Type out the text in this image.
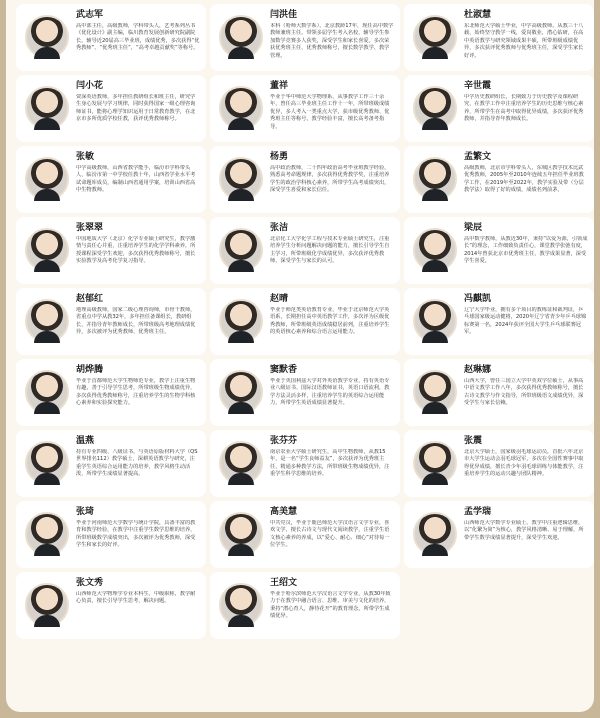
武志军
高中部主任，高级教师，学科带头人，艺考系列丛书《优化设计》副主编，临川教育发展创新研究院副院长。辅导近20届高三毕业班，成绩优秀，多次获得“优秀教师”、“优秀班主任”，“高考卓越贡献奖”等称号。
闫洪佳
本科（哈师大数学系），北京教龄17年，现任高中数学教师兼班主任。带领多届学生考入名校，辅导学生参加数学竞赛多人获奖，深受学生和家长喜爱。多次荣获优秀班主任、优秀教师称号，擅长数学教学、教学管理。
杜淑慧
东北师范大学硕士毕业，中学高级教师。从教三十八载，始终坚守教学一线，爱岗敬业，潜心钻研，在高中英语教学与研究领域成果丰硕，所带班级成绩优异，多次获评优秀教师与优秀班主任，深受学生家长好评。
闫小花
资深英语教师，多年担任教研组长和班主任，研究学生身心发展与学习规律，同时获得国家一级心理咨询师证书，能将心理学知识运用于日常教育教学，在北京市多所优质学校任教，获评优秀教师称号。
董祥
毕业于华中师范大学物理系，从事教学工作三十余年，曾任高三毕业班主任工作十一年，所带班级成绩优异，多人考入一类重点大学，获市级优秀教师、优秀班主任等称号，教学经验丰富，擅长高考备考指导。
辛世霞
中学历史教研组长，长期致力于历史教学及课程研究，在教学工作中注重培养学生的历史思维与核心素养，所带学生在高考中取得优异成绩，多次获评优秀教师，并指导青年教师成长。
张敏
中学高级教师，山西省教学能手，临汾市学科带头人，临汾市第一中学校任教十年，山西省学业水平考试命题库成员，编制山西省通用学案，培训山西省高中生物教师。
杨勇
高中政治教师，二十四年政治高考毕业班教学经验，熟悉高考命题规律，多次获得优秀教学奖，注重培养学生的政治学科核心素养，所带学生高考成绩突出，深受学生喜爱和家长信任。
孟繁文
高级教师，北京市学科带头人，东城区教学技术比武优秀教师，2005年至2010年连续五年担任毕业班教学工作，在2019年至2022年，教学实验及带（分层教学法）取得了好的成绩，成绩名列前茅。
张翠翠
中国地质大学（北京）化学专业硕士研究生，教学激情与责任心并重，注重培养学生的化学学科素养，所授课程深受学生欢迎，多次获得优秀教师称号，擅长实验教学及高考化学复习指导。
张洁
北京化工大学化学工程与技术专业硕士研究生，注重培养学生分析问题解决问题的能力，擅长引导学生自主学习，所带班级化学成绩优异，多次获评优秀教师，深受学生与家长的认可。
梁辰
高中数学教师，从教近30年，秉持“以爱为源，引领成长”的理念，工作细致负责任心，课堂教学张弛有度，2014年曾获北京市优秀班主任，教学成果显著，深受学生喜爱。
赵郁红
地理高级教师，国家二级心理咨询师，市骨干教师，省重点中学从教32年，多年担任备课组长，教研组长，并指导青年教师成长，所带班级高考地理成绩优异，多次被评为优秀教师、优秀班主任。
赵晴
毕业于师范类英语教育专业，毕业于北京师范大学英语系，长期担任高中英语教学工作，多次评为区级优秀教师，所带班级英语成绩稳居前列，注重培养学生的英语核心素养和综合语言运用能力。
冯麒凯
辽宁大学毕业，拥有多个项目的教练证和裁判证，乒乓球国家级运动健将，2020年辽宁省青少年乒乓球锦标赛第一名，2024年获评全国大学生乒乓球联赛冠军。
胡烨腾
毕业于首都师范大学生物师范专业，教学上注重生物有趣，善于引导学生思考，所带班级生物成绩优异，多次获得优秀教师称号，注重培养学生的生物学科核心素养和实验探究能力。
窦默香
毕业于英国利兹大学对外英语教学专业，持有英语专业八级证书、国际汉语教师证书，英语口语流利，教学方法灵活多样，注重培养学生的英语综合运用能力，所带学生英语成绩显著提升。
赵琳娜
山西大学，曾任三国立大学中英双学位硕士，从事高中语文教学工作八年，多次获得优秀教师称号，擅长古诗文教学与作文指导，所带班级语文成绩优异，深受学生与家长信赖。
温燕
持有专业四级、八级证书，与英语原版材料大学（QS世界排名112）教学硕士，深耕英语教学与研究，注重学生英语综合运用能力的培养，教学风格生动活泼，所带学生成绩显著提高。
张芬芬
南京农业大学硕士研究生，高中生物教师，从教15年，是一名“学生良师益友”，多次获评为优秀班主任，精通多种教学方法，所带班级生物成绩优异，注重学生科学思维的培养。
张震
北京大学硕士，国家级羽毛球运动员，首批六年北京市大学生运动会羽毛球冠军，多次在全国性赛事中取得优异成绩，擅长青少年羽毛球训练与体能教学，注重培养学生的运动兴趣与团队精神。
张琦
毕业于河南师范大学数学与统计学院，具备丰富的教育和教学经验，在教学中注重学生数学思维的培养，所带班级数学成绩突出，多次被评为优秀教师，深受学生和家长的好评。
高美慧
中共党员，毕业于鹿邑师范大学汉语言文学专业，喜欢文学，擅长古诗文与现代文阅读教学，注重学生语文核心素养的养成，以“爱心、耐心、细心”对待每一位学生。
孟学瑞
山西师范大学数学专业硕士，教学中注重逻辑思维，以“化繁为简”为核心，教学风格清晰、易于理解，所带学生数学成绩显著提升，深受学生欢迎。
张文秀
山西师范大学物理学专业本科生，中级职称，教学耐心负责，擅长引导学生思考，解决问题。
王绍文
毕业于哈尔滨师范大学汉语言文学专业，从教30年致力于在教学中融合语言、思维、审美与文化的培养，秉持“潜心育人，静待花开”的教育理念，所带学生成绩优异。
